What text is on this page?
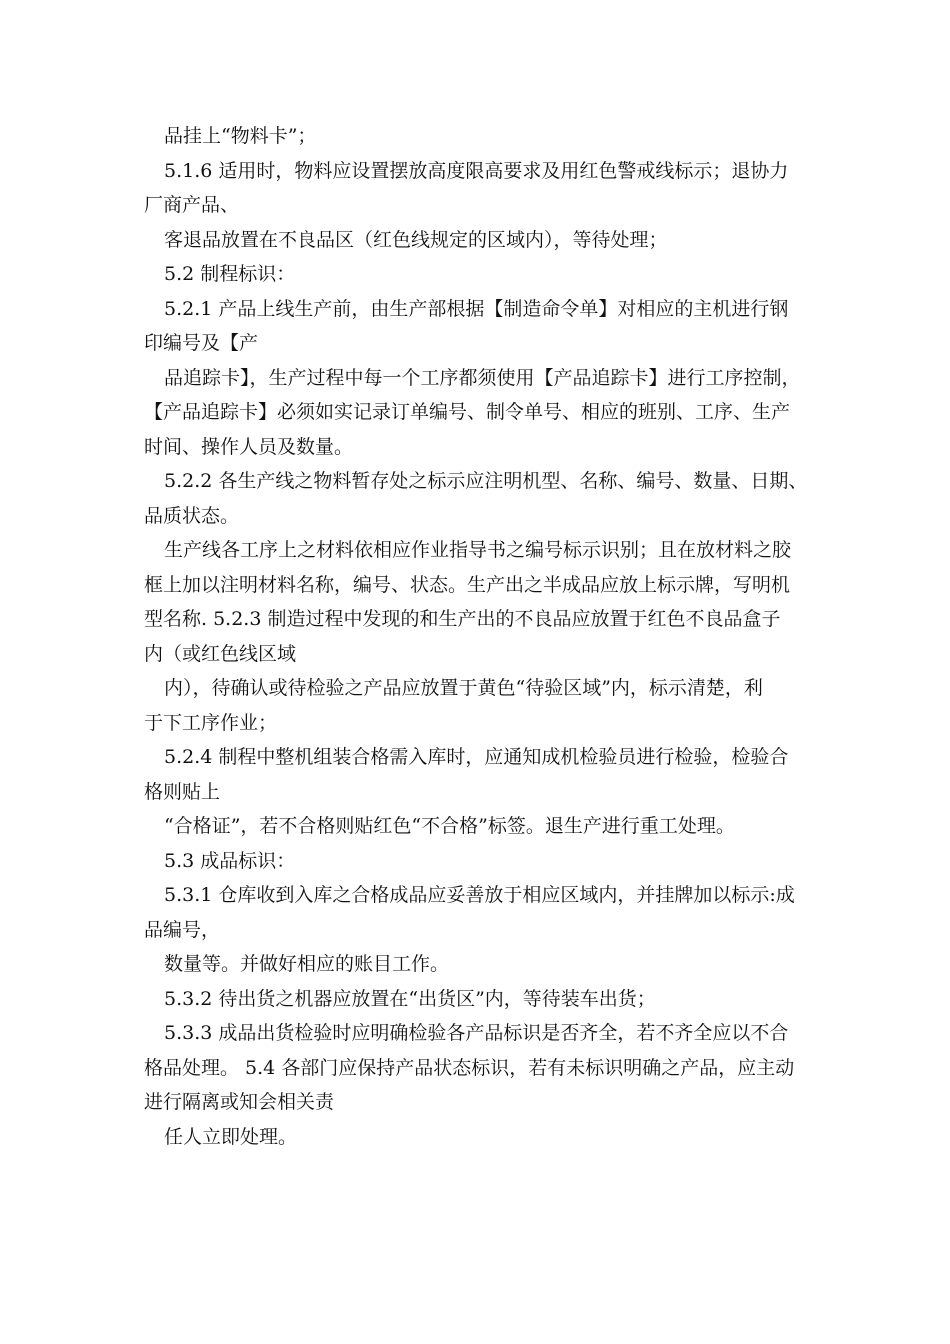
品挂上“物料卡”；
5.1.6 适用时，物料应设置摆放高度限高要求及用红色警戒线标示；退协力
厂商产品、
客退品放置在不良品区（红色线规定的区域内），等待处理；
5.2 制程标识：
5.2.1 产品上线生产前，由生产部根据【制造命令单】对相应的主机进行钢
印编号及【产
品追踪卡】，生产过程中每一个工序都须使用【产品追踪卡】进行工序控制，
【产品追踪卡】必须如实记录订单编号、制令单号、相应的班别、工序、生产
时间、操作人员及数量。
5.2.2 各生产线之物料暂存处之标示应注明机型、名称、编号、数量、日期、
品质状态。
生产线各工序上之材料依相应作业指导书之编号标示识别；且在放材料之胶
框上加以注明材料名称，编号、状态。生产出之半成品应放上标示牌，写明机
型名称. 5.2.3 制造过程中发现的和生产出的不良品应放置于红色不良品盒子
内（或红色线区域
内），待确认或待检验之产品应放置于黄色“待验区域”内，标示清楚，利
于下工序作业；
5.2.4 制程中整机组装合格需入库时，应通知成机检验员进行检验，检验合
格则贴上
“合格证”，若不合格则贴红色“不合格”标签。退生产进行重工处理。
5.3 成品标识：
5.3.1 仓库收到入库之合格成品应妥善放于相应区域内，并挂牌加以标示:成
品编号，
数量等。并做好相应的账目工作。
5.3.2 待出货之机器应放置在“出货区”内，等待装车出货；
5.3.3 成品出货检验时应明确检验各产品标识是否齐全，若不齐全应以不合
格品处理。 5.4 各部门应保持产品状态标识，若有未标识明确之产品，应主动
进行隔离或知会相关责
任人立即处理。
